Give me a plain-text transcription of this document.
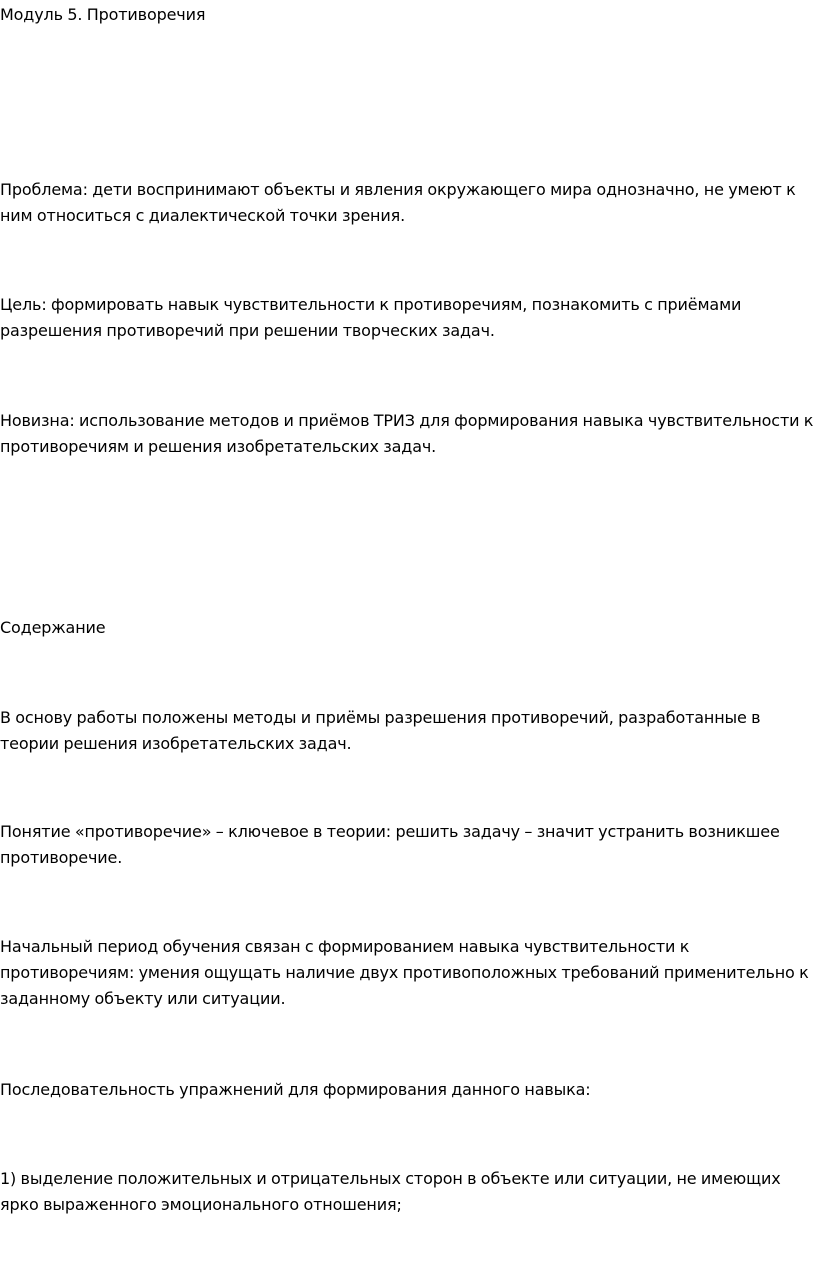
Модуль 5. Противоречия

Проблема: дети воспринимают объекты и явления окружающего мира однозначно, не умеют к ним относиться с диалектической точки зрения.

Цель: формировать навык чувствительности к противоречиям, познакомить с приёмами разрешения противоречий при решении творческих задач.

Новизна: использование методов и приёмов ТРИЗ для формирования навыка чувствительности к противоречиям и решения изобретательских задач.

Содержание

В основу работы положены методы и приёмы разрешения противоречий, разработанные в теории решения изобретательских задач.

Понятие «противоречие» – ключевое в теории: решить задачу – значит устранить возникшее противоречие.

Начальный период обучения связан с формированием навыка чувствительности к противоречиям: умения ощущать наличие двух противоположных требований применительно к заданному объекту или ситуации.

Последовательность упражнений для формирования данного навыка:

1) выделение положительных и отрицательных сторон в объекте или ситуации, не имеющих ярко выраженного эмоционального отношения;
